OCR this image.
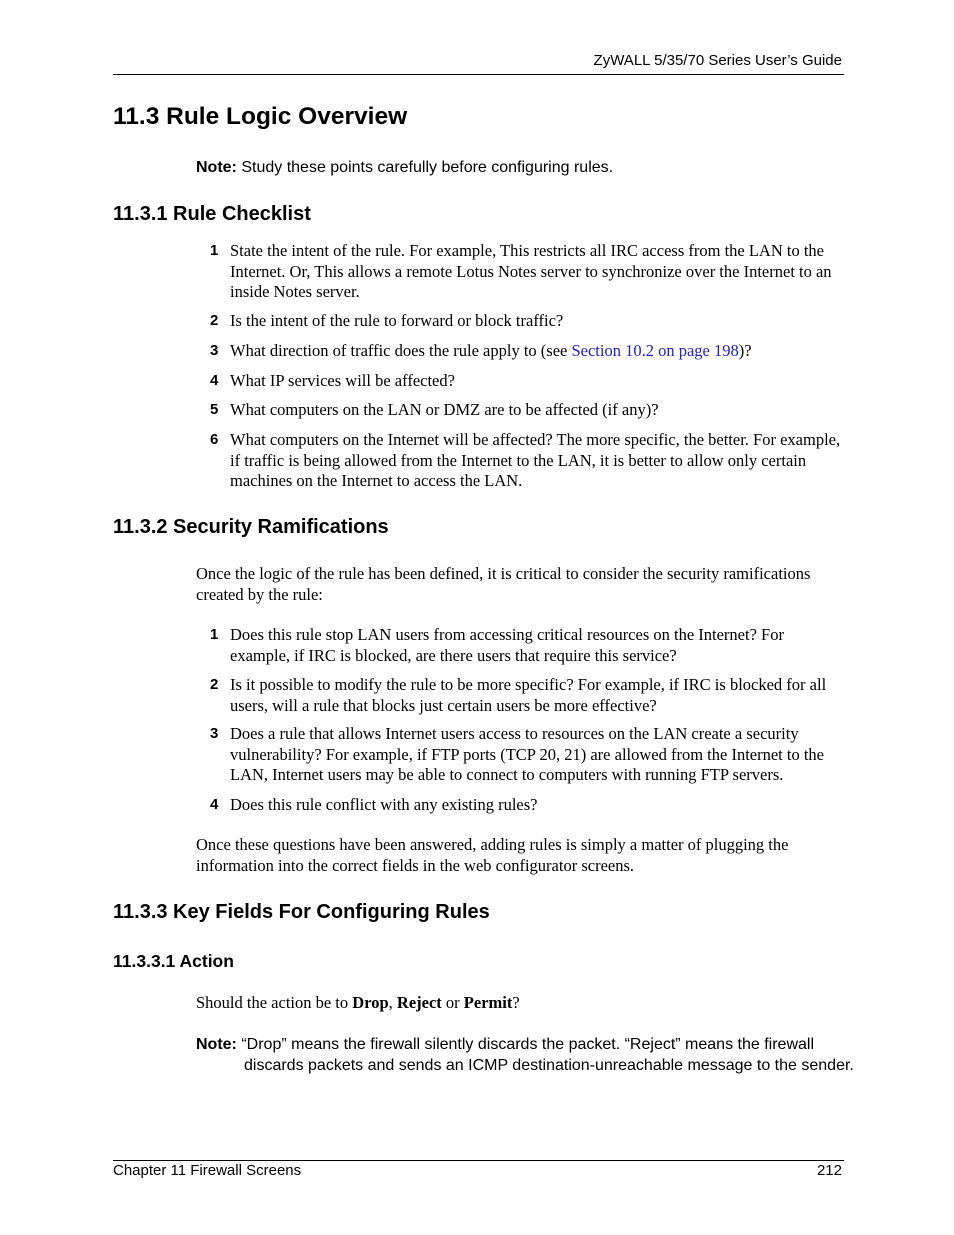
ZyWALL 5/35/70 Series User’s Guide
11.3 Rule Logic Overview
Note: Study these points carefully before configuring rules.
11.3.1 Rule Checklist
1 State the intent of the rule. For example, This restricts all IRC access from the LAN to the Internet. Or, This allows a remote Lotus Notes server to synchronize over the Internet to an inside Notes server.
2 Is the intent of the rule to forward or block traffic?
3 What direction of traffic does the rule apply to (see Section 10.2 on page 198)?
4 What IP services will be affected?
5 What computers on the LAN or DMZ are to be affected (if any)?
6 What computers on the Internet will be affected? The more specific, the better. For example, if traffic is being allowed from the Internet to the LAN, it is better to allow only certain machines on the Internet to access the LAN.
11.3.2 Security Ramifications
Once the logic of the rule has been defined, it is critical to consider the security ramifications created by the rule:
1 Does this rule stop LAN users from accessing critical resources on the Internet? For example, if IRC is blocked, are there users that require this service?
2 Is it possible to modify the rule to be more specific? For example, if IRC is blocked for all users, will a rule that blocks just certain users be more effective?
3 Does a rule that allows Internet users access to resources on the LAN create a security vulnerability? For example, if FTP ports (TCP 20, 21) are allowed from the Internet to the LAN, Internet users may be able to connect to computers with running FTP servers.
4 Does this rule conflict with any existing rules?
Once these questions have been answered, adding rules is simply a matter of plugging the information into the correct fields in the web configurator screens.
11.3.3 Key Fields For Configuring Rules
11.3.3.1 Action
Should the action be to Drop, Reject or Permit?
Note: “Drop” means the firewall silently discards the packet. “Reject” means the firewall discards packets and sends an ICMP destination-unreachable message to the sender.
Chapter 11 Firewall Screens	212
